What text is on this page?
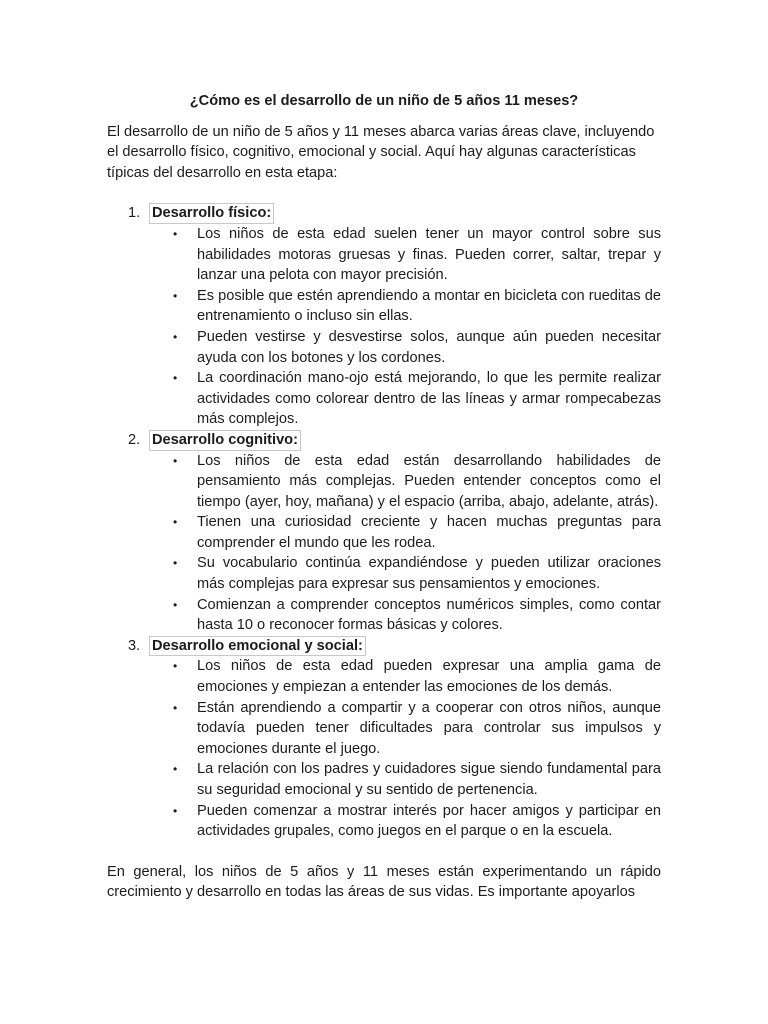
¿Cómo es el desarrollo de un niño de 5 años 11 meses?

El desarrollo de un niño de 5 años y 11 meses abarca varias áreas clave, incluyendo el desarrollo físico, cognitivo, emocional y social. Aquí hay algunas características típicas del desarrollo en esta etapa:

1. Desarrollo físico:
• Los niños de esta edad suelen tener un mayor control sobre sus habilidades motoras gruesas y finas. Pueden correr, saltar, trepar y lanzar una pelota con mayor precisión.
• Es posible que estén aprendiendo a montar en bicicleta con rueditas de entrenamiento o incluso sin ellas.
• Pueden vestirse y desvestirse solos, aunque aún pueden necesitar ayuda con los botones y los cordones.
• La coordinación mano-ojo está mejorando, lo que les permite realizar actividades como colorear dentro de las líneas y armar rompecabezas más complejos.
2. Desarrollo cognitivo:
• Los niños de esta edad están desarrollando habilidades de pensamiento más complejas. Pueden entender conceptos como el tiempo (ayer, hoy, mañana) y el espacio (arriba, abajo, adelante, atrás).
• Tienen una curiosidad creciente y hacen muchas preguntas para comprender el mundo que les rodea.
• Su vocabulario continúa expandiéndose y pueden utilizar oraciones más complejas para expresar sus pensamientos y emociones.
• Comienzan a comprender conceptos numéricos simples, como contar hasta 10 o reconocer formas básicas y colores.
3. Desarrollo emocional y social:
• Los niños de esta edad pueden expresar una amplia gama de emociones y empiezan a entender las emociones de los demás.
• Están aprendiendo a compartir y a cooperar con otros niños, aunque todavía pueden tener dificultades para controlar sus impulsos y emociones durante el juego.
• La relación con los padres y cuidadores sigue siendo fundamental para su seguridad emocional y su sentido de pertenencia.
• Pueden comenzar a mostrar interés por hacer amigos y participar en actividades grupales, como juegos en el parque o en la escuela.

En general, los niños de 5 años y 11 meses están experimentando un rápido crecimiento y desarrollo en todas las áreas de sus vidas. Es importante apoyarlos
